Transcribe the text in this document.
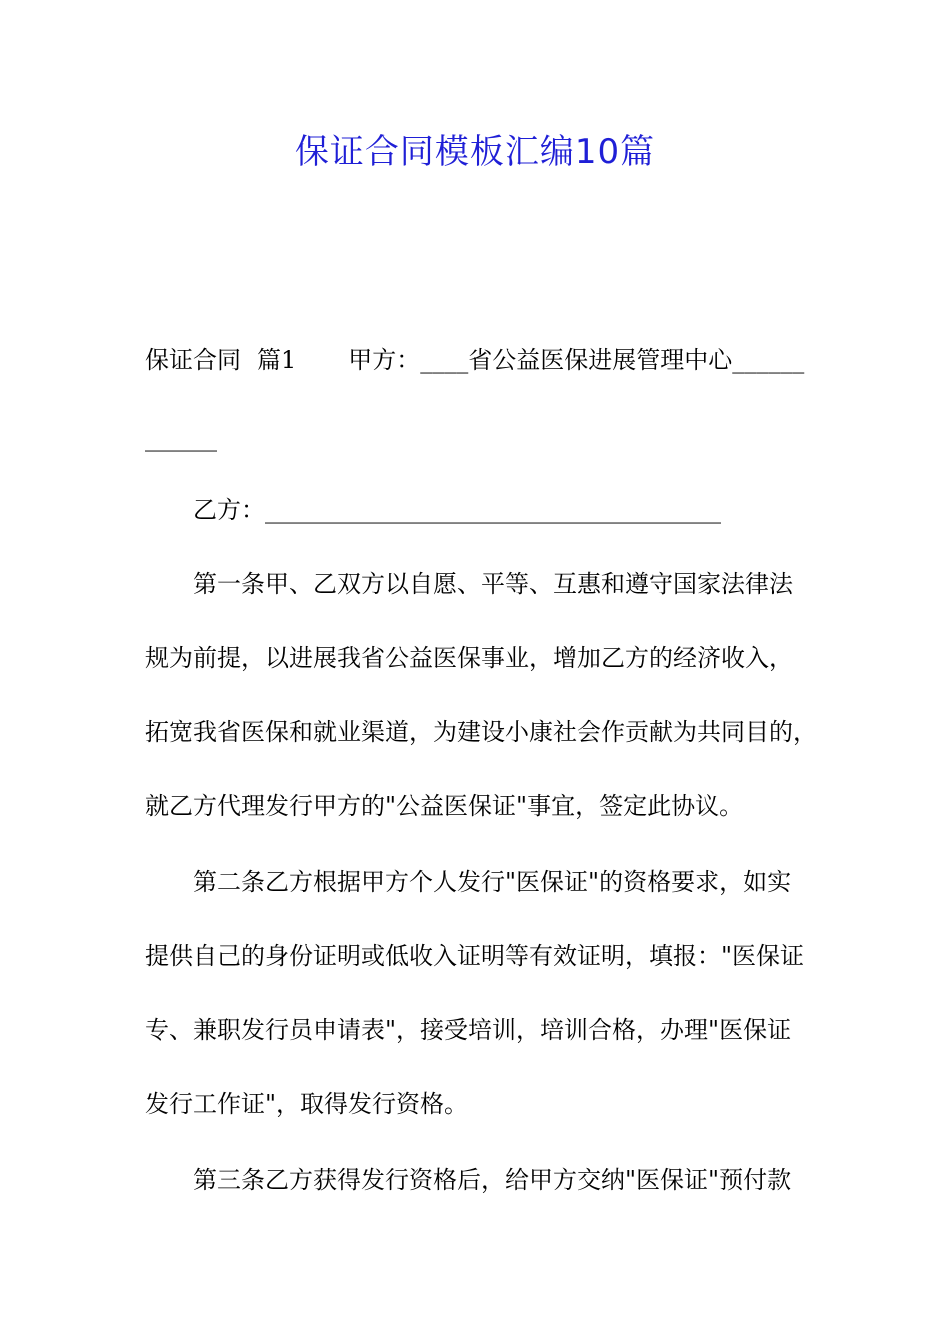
保证合同模板汇编10篇
保证合同 篇1 甲方：____省公益医保进展管理中心______
______
乙方：______________________________________
第一条甲、乙双方以自愿、平等、互惠和遵守国家法律法
规为前提，以进展我省公益医保事业，增加乙方的经济收入，
拓宽我省医保和就业渠道，为建设小康社会作贡献为共同目的，
就乙方代理发行甲方的"公益医保证"事宜，签定此协议。
第二条乙方根据甲方个人发行"医保证"的资格要求，如实
提供自己的身份证明或低收入证明等有效证明，填报："医保证
专、兼职发行员申请表"，接受培训，培训合格，办理"医保证
发行工作证"，取得发行资格。
第三条乙方获得发行资格后，给甲方交纳"医保证"预付款
